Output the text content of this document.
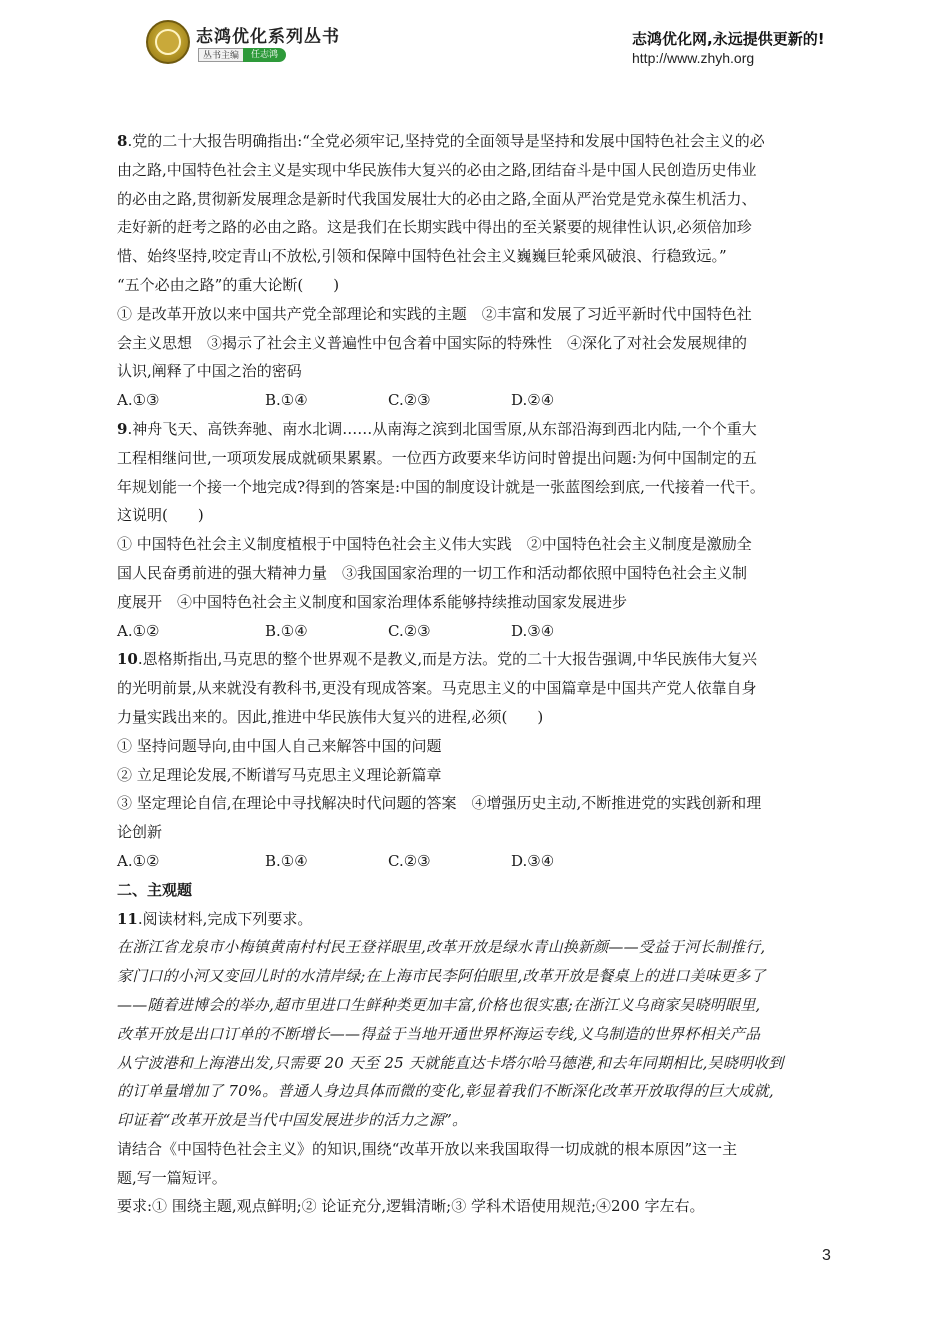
志鸿优化系列丛书
丛书主编	任志鸿
志鸿优化网,永远提供更新的!
http://www.zhyh.org

8.党的二十大报告明确指出:“全党必须牢记,坚持党的全面领导是坚持和发展中国特色社会主义的必

由之路,中国特色社会主义是实现中华民族伟大复兴的必由之路,团结奋斗是中国人民创造历史伟业

的必由之路,贯彻新发展理念是新时代我国发展壮大的必由之路,全面从严治党是党永葆生机活力、

走好新的赶考之路的必由之路。这是我们在长期实践中得出的至关紧要的规律性认识,必须倍加珍

惜、始终坚持,咬定青山不放松,引领和保障中国特色社会主义巍巍巨轮乘风破浪、行稳致远。”

“五个必由之路”的重大论断(　　)

① 是改革开放以来中国共产党全部理论和实践的主题　②丰富和发展了习近平新时代中国特色社

会主义思想　③揭示了社会主义普遍性中包含着中国实际的特殊性　④深化了对社会发展规律的

认识,阐释了中国之治的密码

A.①③	B.①④	C.②③	D.②④

9.神舟飞天、高铁奔驰、南水北调……从南海之滨到北国雪原,从东部沿海到西北内陆,一个个重大

工程相继问世,一项项发展成就硕果累累。一位西方政要来华访问时曾提出问题:为何中国制定的五

年规划能一个接一个地完成?得到的答案是:中国的制度设计就是一张蓝图绘到底,一代接着一代干。

这说明(　　)

① 中国特色社会主义制度植根于中国特色社会主义伟大实践　②中国特色社会主义制度是激励全

国人民奋勇前进的强大精神力量　③我国国家治理的一切工作和活动都依照中国特色社会主义制

度展开　④中国特色社会主义制度和国家治理体系能够持续推动国家发展进步

A.①②	B.①④	C.②③	D.③④

10.恩格斯指出,马克思的整个世界观不是教义,而是方法。党的二十大报告强调,中华民族伟大复兴

的光明前景,从来就没有教科书,更没有现成答案。马克思主义的中国篇章是中国共产党人依靠自身

力量实践出来的。因此,推进中华民族伟大复兴的进程,必须(　　)

① 坚持问题导向,由中国人自己来解答中国的问题

② 立足理论发展,不断谱写马克思主义理论新篇章

③ 坚定理论自信,在理论中寻找解决时代问题的答案　④增强历史主动,不断推进党的实践创新和理

论创新

A.①②	B.①④	C.②③	D.③④

二、主观题

11.阅读材料,完成下列要求。

在浙江省龙泉市小梅镇黄南村村民王登祥眼里,改革开放是绿水青山换新颜——受益于河长制推行,

家门口的小河又变回儿时的水清岸绿;在上海市民李阿伯眼里,改革开放是餐桌上的进口美味更多了

——随着进博会的举办,超市里进口生鲜种类更加丰富,价格也很实惠;在浙江义乌商家吴晓明眼里,

改革开放是出口订单的不断增长——得益于当地开通世界杯海运专线,义乌制造的世界杯相关产品

从宁波港和上海港出发,只需要 20 天至 25 天就能直达卡塔尔哈马德港,和去年同期相比,吴晓明收到

的订单量增加了 70%。普通人身边具体而微的变化,彰显着我们不断深化改革开放取得的巨大成就,

印证着“改革开放是当代中国发展进步的活力之源”。

请结合《中国特色社会主义》的知识,围绕“改革开放以来我国取得一切成就的根本原因”这一主

题,写一篇短评。

要求:① 围绕主题,观点鲜明;② 论证充分,逻辑清晰;③ 学科术语使用规范;④200 字左右。

3
